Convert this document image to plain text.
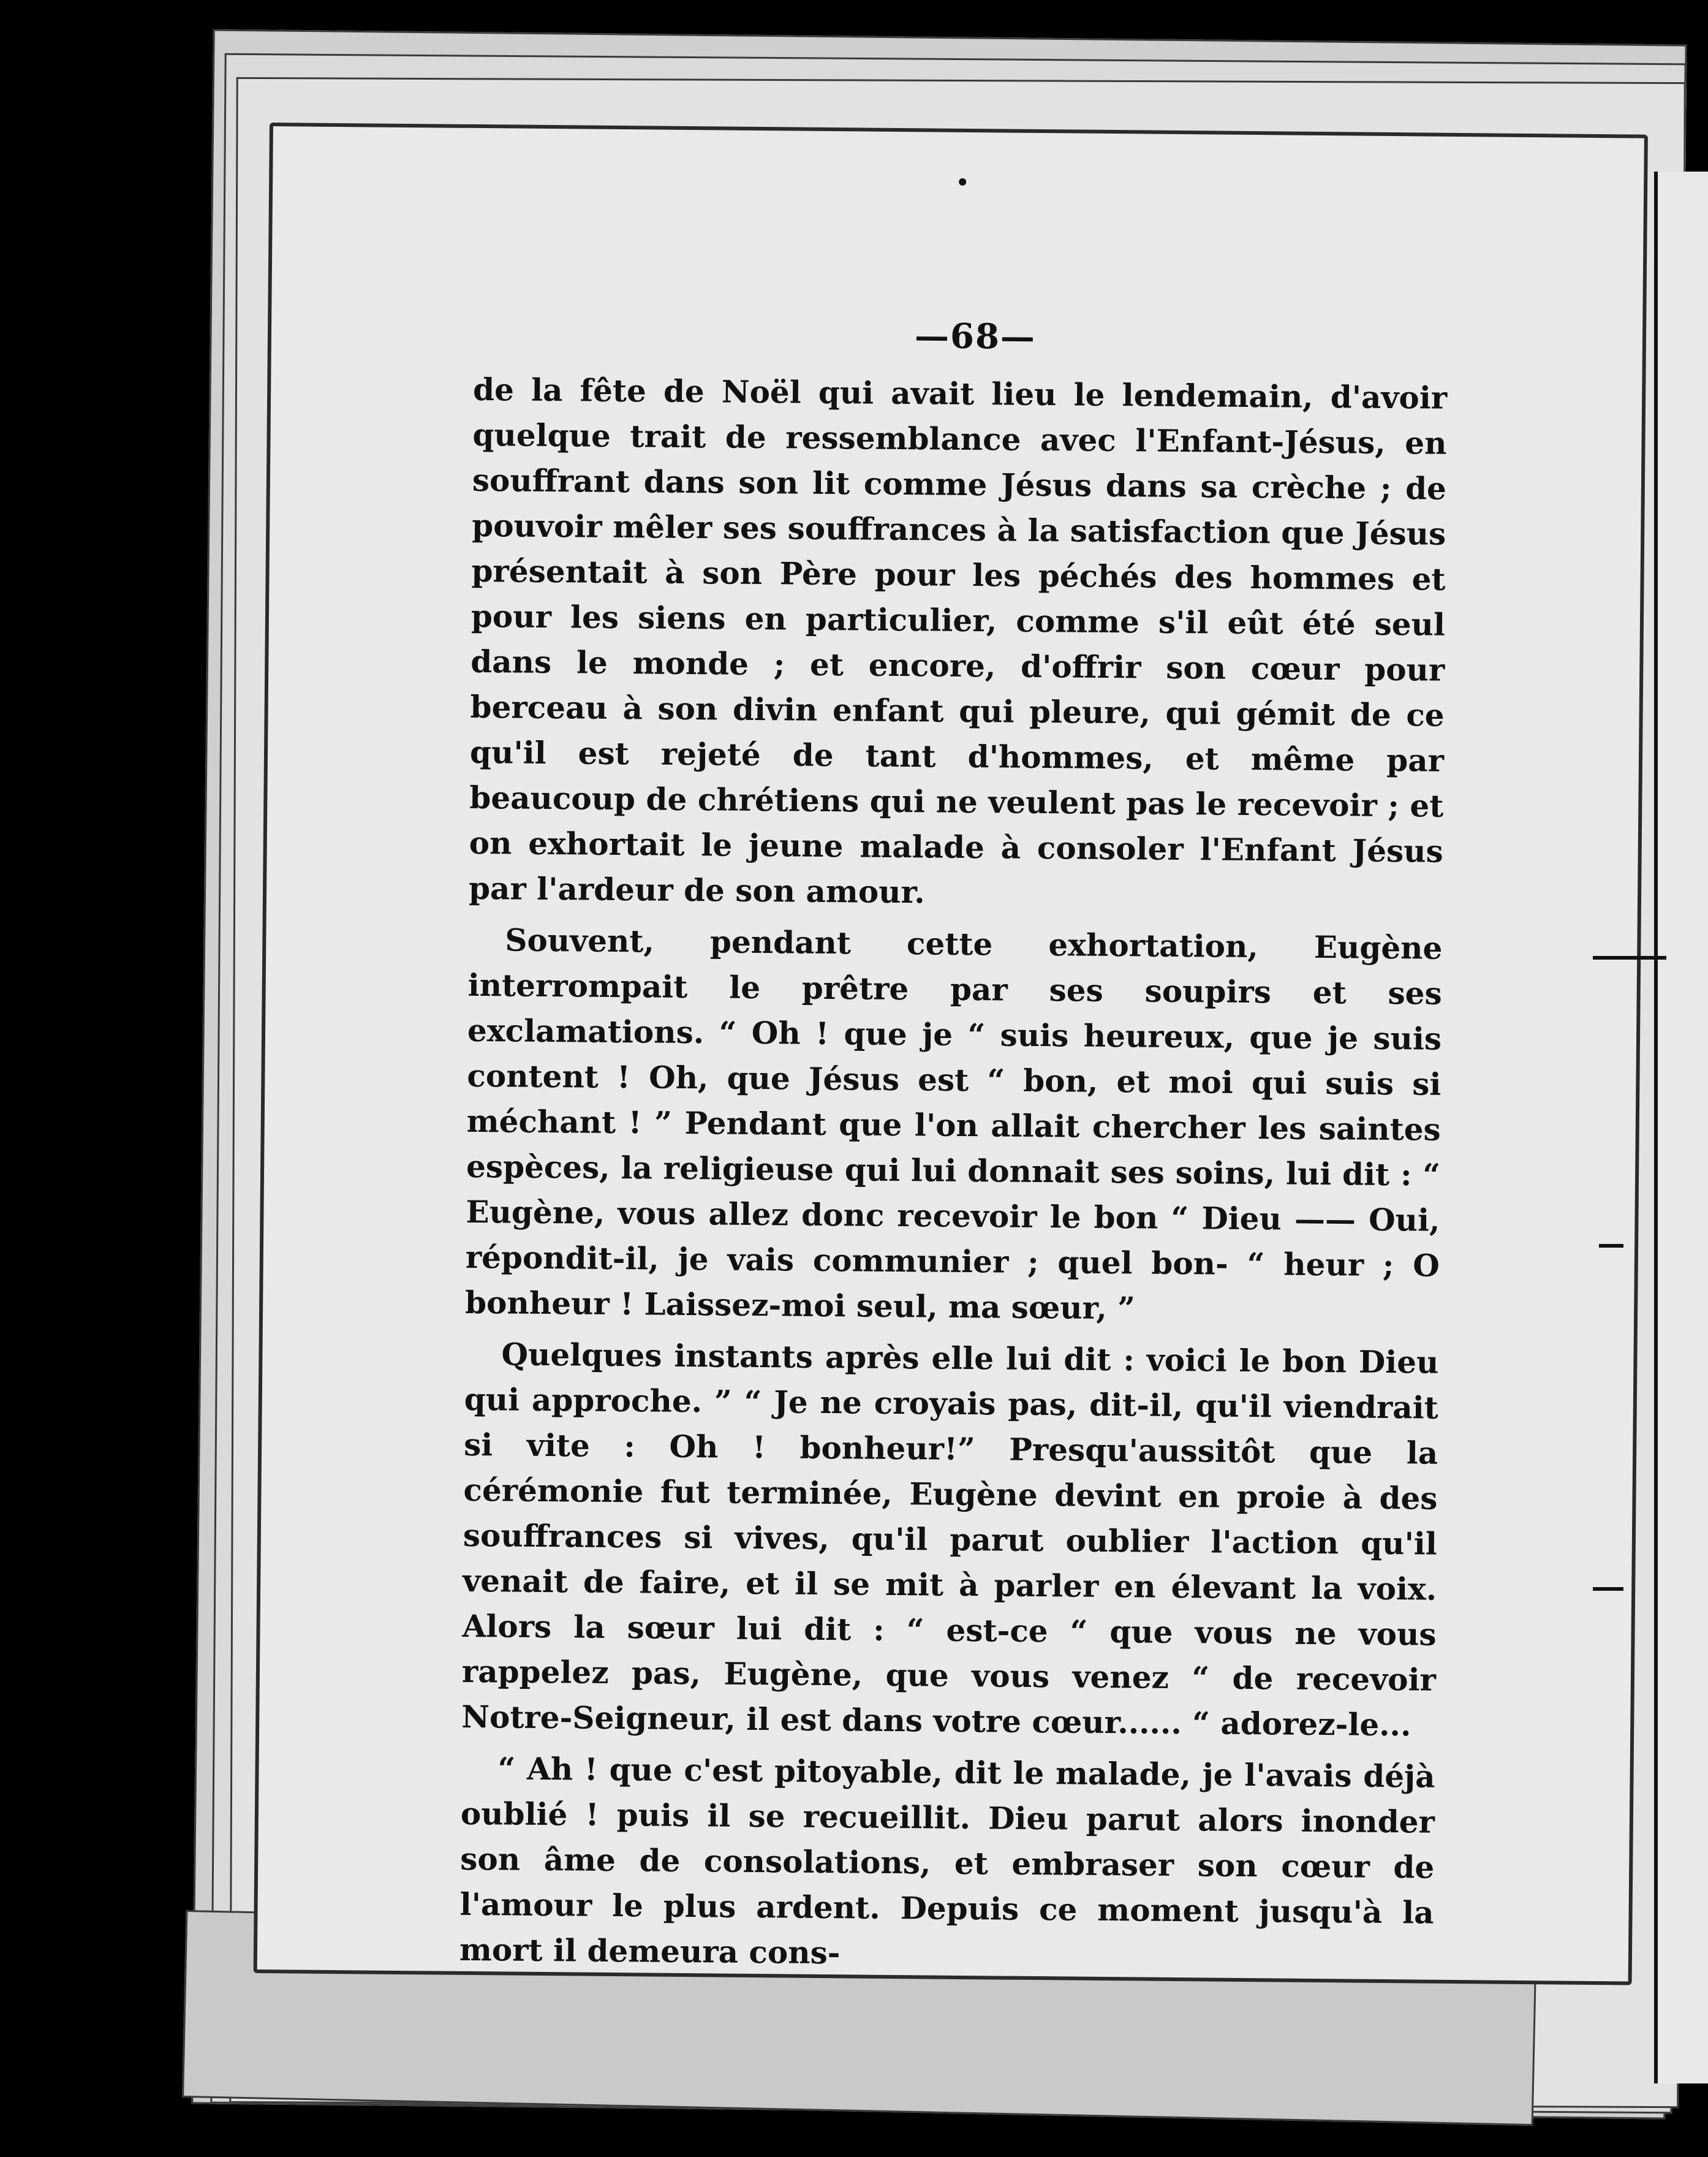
—68—

de la fête de Noël qui avait lieu le lendemain, d'avoir quelque trait de ressemblance avec l'Enfant-Jésus, en souffrant dans son lit comme Jésus dans sa crèche ; de pouvoir mêler ses souffrances à la satisfaction que Jésus présentait à son Père pour les péchés des hommes et pour les siens en particulier, comme s'il eût été seul dans le monde ; et encore, d'offrir son cœur pour berceau à son divin enfant qui pleure, qui gémit de ce qu'il est rejeté de tant d'hommes, et même par beaucoup de chrétiens qui ne veulent pas le recevoir ; et on exhortait le jeune malade à consoler l'Enfant Jésus par l'ardeur de son amour.

Souvent, pendant cette exhortation, Eugène interrompait le prêtre par ses soupirs et ses exclamations. “ Oh ! que je “ suis heureux, que je suis content ! Oh, que Jésus est “ bon, et moi qui suis si méchant ! ” Pendant que l'on allait chercher les saintes espèces, la religieuse qui lui donnait ses soins, lui dit : “ Eugène, vous allez donc recevoir le bon “ Dieu —— Oui, répondit-il, je vais communier ; quel bon- “ heur ; O bonheur ! Laissez-moi seul, ma sœur, ”

Quelques instants après elle lui dit : voici le bon Dieu qui approche. ” “ Je ne croyais pas, dit-il, qu'il viendrait si vite : Oh ! bonheur!” Presqu'aussitôt que la cérémonie fut terminée, Eugène devint en proie à des souffrances si vives, qu'il parut oublier l'action qu'il venait de faire, et il se mit à parler en élevant la voix. Alors la sœur lui dit : “ est-ce “ que vous ne vous rappelez pas, Eugène, que vous venez “ de recevoir Notre-Seigneur, il est dans votre cœur...... “ adorez-le...

“ Ah ! que c'est pitoyable, dit le malade, je l'avais déjà oublié ! puis il se recueillit. Dieu parut alors inonder son âme de consolations, et embraser son cœur de l'amour le plus ardent. Depuis ce moment jusqu'à la mort il demeura cons-
